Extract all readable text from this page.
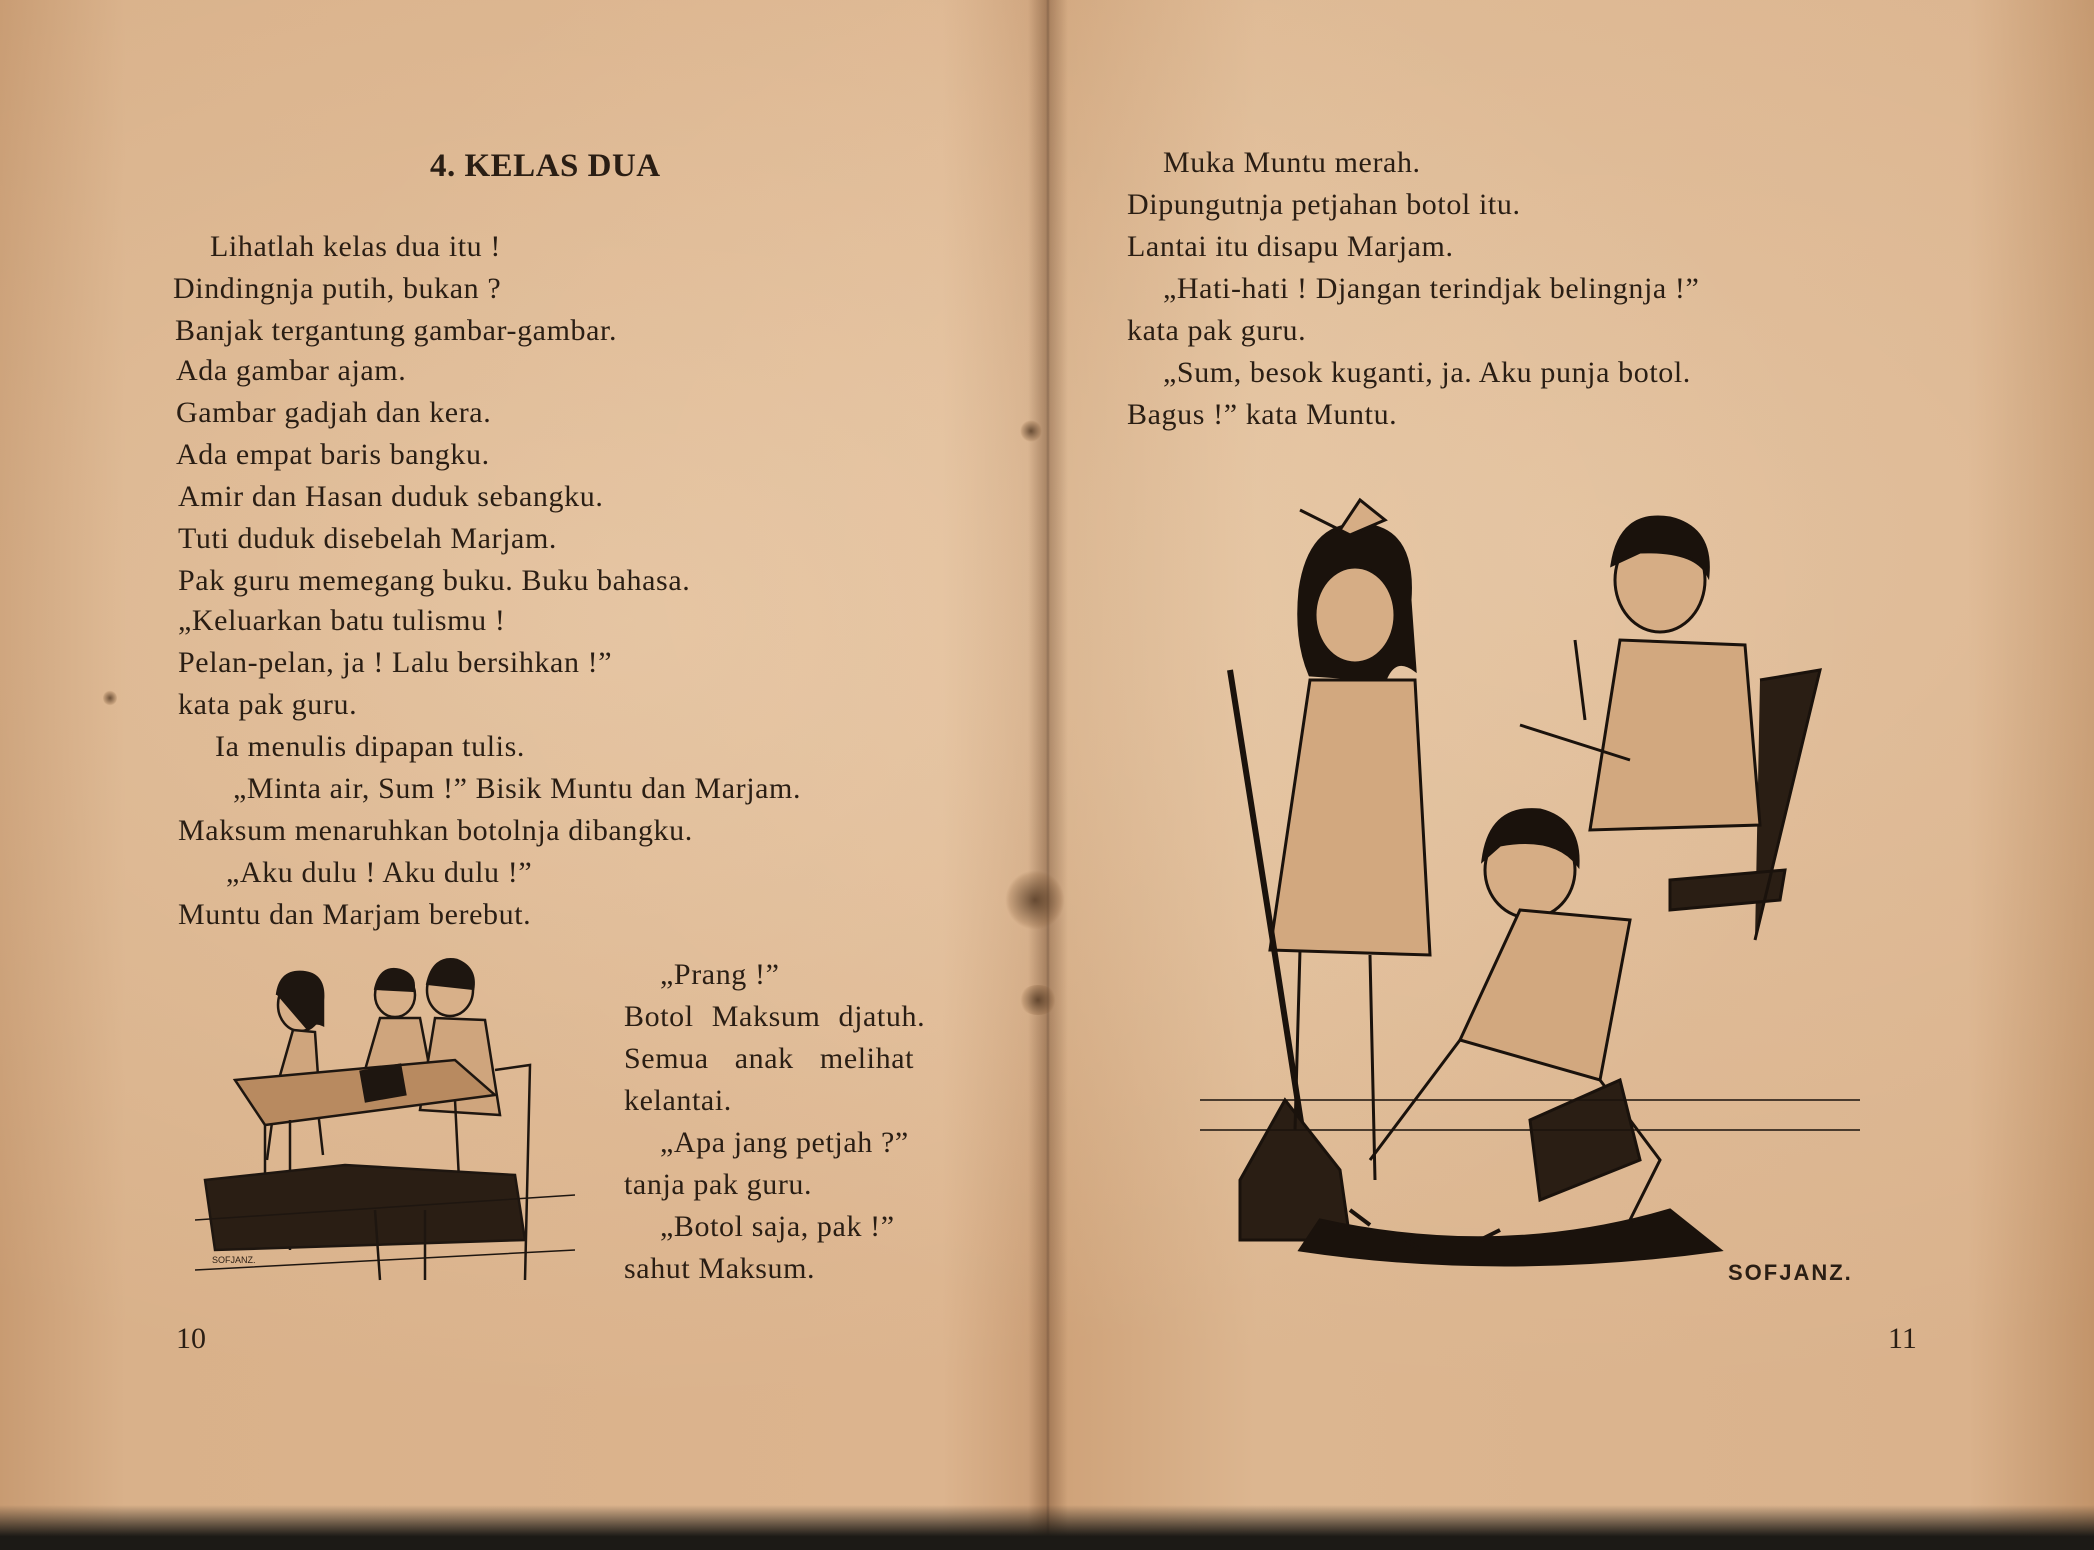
4. KELAS DUA
Lihatlah kelas dua itu !
Dindingnja putih, bukan ?
Banjak tergantung gambar-gambar.
Ada gambar ajam.
Gambar gadjah dan kera.
Ada empat baris bangku.
Amir dan Hasan duduk sebangku.
Tuti duduk disebelah Marjam.
Pak guru memegang buku. Buku bahasa.
„Keluarkan batu tulismu !
Pelan-pelan, ja ! Lalu bersihkan !”
kata pak guru.
Ia menulis dipapan tulis.
„Minta air, Sum !” Bisik Muntu dan Marjam.
Maksum menaruhkan botolnja dibangku.
„Aku dulu ! Aku dulu !”
Muntu dan Marjam berebut.
SOFJANZ.
„Prang !”
Botol Maksum djatuh.
Semua anak melihat
kelantai.
„Apa jang petjah ?”
tanja pak guru.
„Botol saja, pak !”
sahut Maksum.
10
Muka Muntu merah.
Dipungutnja petjahan botol itu.
Lantai itu disapu Marjam.
„Hati-hati ! Djangan terindjak belingnja !”
kata pak guru.
„Sum, besok kuganti, ja. Aku punja botol.
Bagus !” kata Muntu.
SOFJANZ.
11
